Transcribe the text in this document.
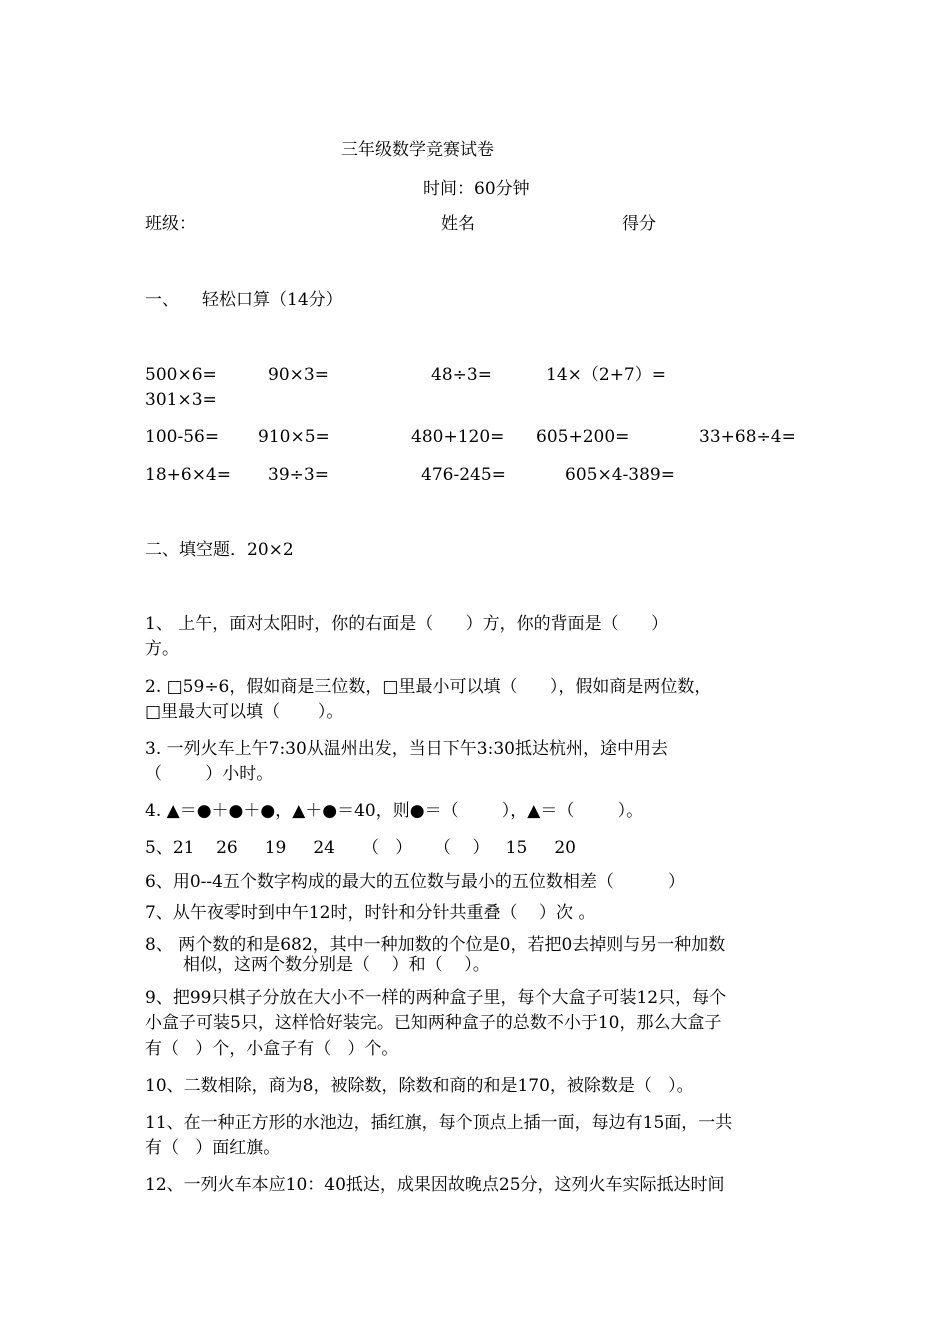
三年级数学竞赛试卷
时间：60分钟
班级：	姓名	得分
一、 轻松口算（14分）
500×6=	90×3=	48÷3=	14×（2+7）=
301×3=
100-56= 910×5=	480+120= 605+200=	33+68÷4=
18+6×4= 39÷3=	476-245=	605×4-389=
二、填空题．20×2
1、 上午，面对太阳时，你的右面是（      ）方，你的背面是（      ）
方。
2. □59÷6，假如商是三位数，□里最小可以填（      ），假如商是两位数，
□里最大可以填（       ）。
3. 一列火车上午7:30从温州出发，当日下午3:30抵达杭州，途中用去
（        ）小时。
4. ▲＝●＋●＋●，▲＋●＝40，则●＝（        ），▲＝（        ）。
5、21    26     19     24     （   ）    （    ）   15     20
6、用0--4五个数字构成的最大的五位数与最小的五位数相差（          ）
7、从午夜零时到中午12时，时针和分针共重叠（    ）次 。
8、 两个数的和是682，其中一种加数的个位是0，若把0去掉则与另一种加数
相似，这两个数分别是（    ）和（    ）。
9、把99只棋子分放在大小不一样的两种盒子里，每个大盒子可装12只，每个
小盒子可装5只，这样恰好装完。已知两种盒子的总数不小于10，那么大盒子
有（   ）个，小盒子有（   ）个。
10、二数相除，商为8，被除数，除数和商的和是170，被除数是（   ）。
11、在一种正方形的水池边，插红旗，每个顶点上插一面，每边有15面，一共
有（   ）面红旗。
12、一列火车本应10：40抵达，成果因故晚点25分，这列火车实际抵达时间
